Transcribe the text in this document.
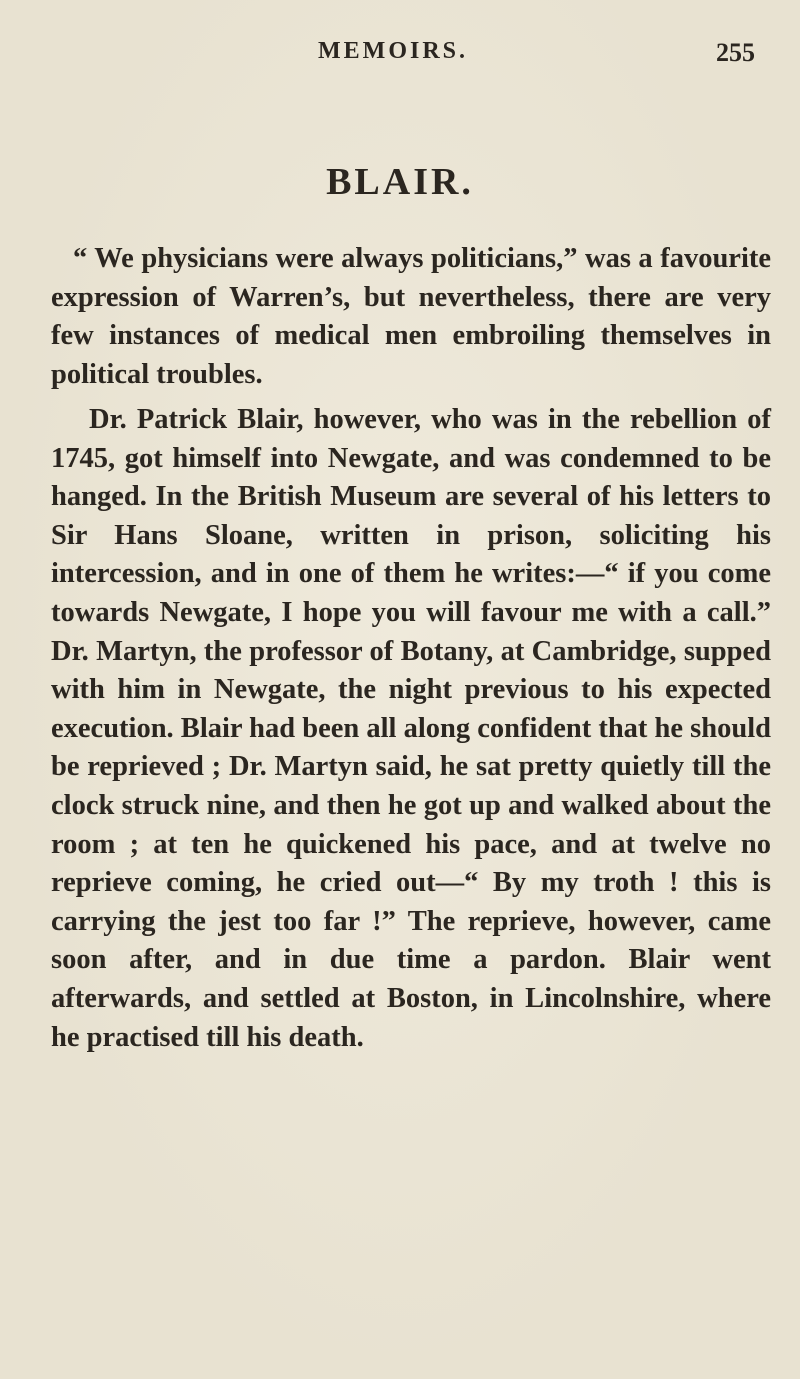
MEMOIRS.	255
BLAIR.

“ We physicians were always politicians,” was a favourite expression of Warren’s, but nevertheless, there are very few instances of medical men embroiling themselves in political troubles.

Dr. Patrick Blair, however, who was in the rebellion of 1745, got himself into Newgate, and was condemned to be hanged. In the British Museum are several of his letters to Sir Hans Sloane, written in prison, soliciting his intercession, and in one of them he writes:—“ if you come towards Newgate, I hope you will favour me with a call.” Dr. Martyn, the professor of Botany, at Cambridge, supped with him in Newgate, the night previous to his expected execution. Blair had been all along confident that he should be reprieved ; Dr. Martyn said, he sat pretty quietly till the clock struck nine, and then he got up and walked about the room ; at ten he quickened his pace, and at twelve no reprieve coming, he cried out—“ By my troth ! this is carrying the jest too far !” The reprieve, however, came soon after, and in due time a pardon. Blair went afterwards, and settled at Boston, in Lincolnshire, where he practised till his death.
